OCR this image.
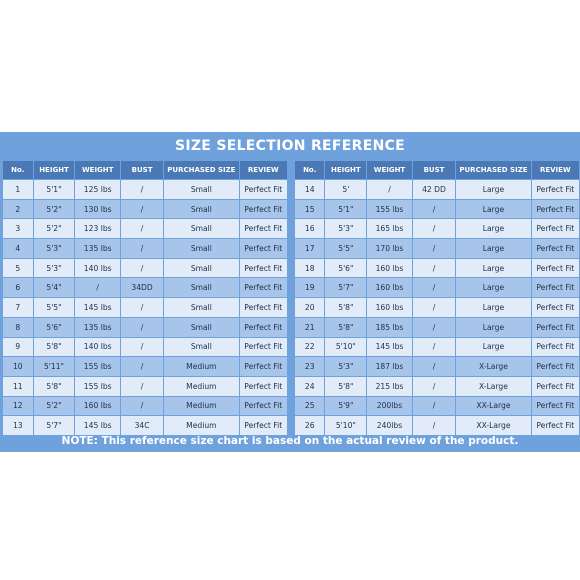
SIZE SELECTION REFERENCE
No.	HEIGHT	WEIGHT	BUST	PURCHASED SIZE	REVIEW
1	5'1"	125 lbs	/	Small	Perfect Fit
2	5'2"	130 lbs	/	Small	Perfect Fit
3	5'2"	123 lbs	/	Small	Perfect Fit
4	5'3"	135 lbs	/	Small	Perfect Fit
5	5'3"	140 lbs	/	Small	Perfect Fit
6	5'4"	/	34DD	Small	Perfect Fit
7	5'5"	145 lbs	/	Small	Perfect Fit
8	5'6"	135 lbs	/	Small	Perfect Fit
9	5'8"	140 lbs	/	Small	Perfect Fit
10	5'11"	155 lbs	/	Medium	Perfect Fit
11	5'8"	155 lbs	/	Medium	Perfect Fit
12	5'2"	160 lbs	/	Medium	Perfect Fit
13	5'7"	145 lbs	34C	Medium	Perfect Fit
No.	HEIGHT	WEIGHT	BUST	PURCHASED SIZE	REVIEW
14	5'	/	42 DD	Large	Perfect Fit
15	5'1"	155 lbs	/	Large	Perfect Fit
16	5'3"	165 lbs	/	Large	Perfect Fit
17	5'5"	170 lbs	/	Large	Perfect Fit
18	5'6"	160 lbs	/	Large	Perfect Fit
19	5'7"	160 lbs	/	Large	Perfect Fit
20	5'8"	160 lbs	/	Large	Perfect Fit
21	5'8"	185 lbs	/	Large	Perfect Fit
22	5'10"	145 lbs	/	Large	Perfect Fit
23	5'3"	187 lbs	/	X-Large	Perfect Fit
24	5'8"	215 lbs	/	X-Large	Perfect Fit
25	5'9"	200lbs	/	XX-Large	Perfect Fit
26	5'10"	240lbs	/	XX-Large	Perfect Fit
NOTE: This reference size chart is based on the actual review of the product.
